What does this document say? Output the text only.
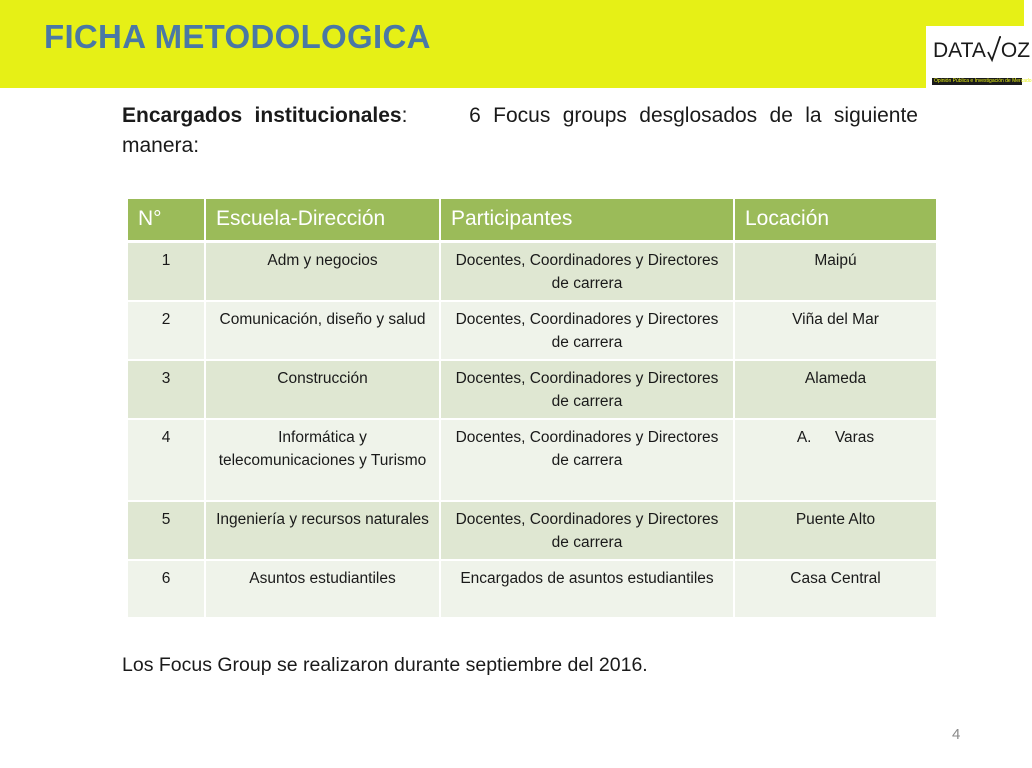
FICHA METODOLOGICA	DATA OZ
Opinión Pública e Investigación de Mercado
Encargados institucionales:	6 Focus groups desglosados de la siguiente manera:
N°	Escuela-Dirección	Participantes	Locación
1	Adm y negocios	Docentes, Coordinadores y Directores de carrera	Maipú
2	Comunicación, diseño y salud	Docentes, Coordinadores y Directores de carrera	Viña del Mar
3	Construcción	Docentes, Coordinadores y Directores de carrera	Alameda
4	Informática y telecomunicaciones y Turismo	Docentes, Coordinadores y Directores de carrera	A. Varas
5	Ingeniería y recursos naturales	Docentes, Coordinadores y Directores de carrera	Puente Alto
6	Asuntos estudiantiles	Encargados de asuntos estudiantiles	Casa Central
Los Focus Group se realizaron durante septiembre del 2016.
4
